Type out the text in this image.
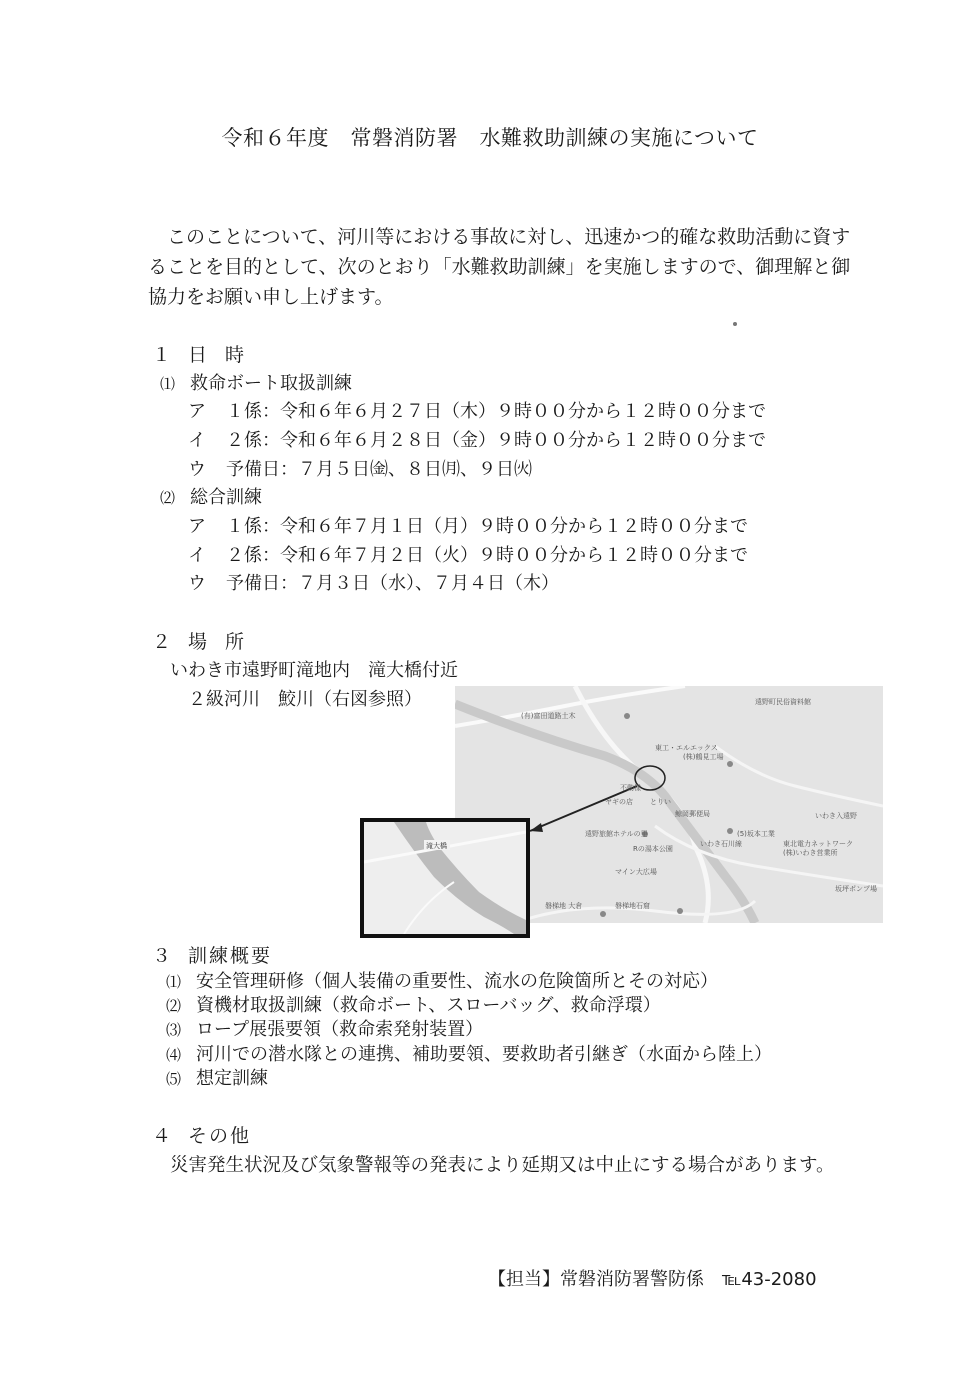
令和６年度　常磐消防署　水難救助訓練の実施について

　このことについて、河川等における事故に対し、迅速かつ的確な救助活動に資す

ることを目的として、次のとおり「水難救助訓練」を実施しますので、御理解と御

協力をお願い申し上げます。

１ 日時
⑴ 救命ボート取扱訓練
ア １係：令和６年６月２７日（木）９時００分から１２時００分まで
イ ２係：令和６年６月２８日（金）９時００分から１２時００分まで
ウ 予備日：７月５日㈮、８日㈪、９日㈫
⑵ 総合訓練
ア １係：令和６年７月１日（月）９時００分から１２時００分まで
イ ２係：令和６年７月２日（火）９時００分から１２時００分まで
ウ 予備日：７月３日（水）、７月４日（木）
２ 場所
いわき市遠野町滝地内　滝大橋付近
２級河川　鮫川（右図参照）	遠野町民俗資料館
(有)富田道路土木
東工・エルエックス
(株)鶴見工場
不動様
ヤギの店 とりい
鯨岡郵便局
いわき石川線
遠野旅館ホテルの里
Rの湯本公園
(5)坂本工業
東北電力ネットワーク
(株)いわき営業所
マイン大広場
磐梯地 大倉	磐梯地石窟
いわき入遠野
坂坪ポンプ場
滝大橋
３ 訓練概要
⑴ 安全管理研修（個人装備の重要性、流水の危険箇所とその対応）
⑵ 資機材取扱訓練（救命ボート、スローバッグ、救命浮環）
⑶ ロープ展張要領（救命索発射装置）
⑷ 河川での潜水隊との連携、補助要領、要救助者引継ぎ（水面から陸上）
⑸ 想定訓練
４ その他
災害発生状況及び気象警報等の発表により延期又は中止にする場合があります。
【担当】常磐消防署警防係　℡43-2080
